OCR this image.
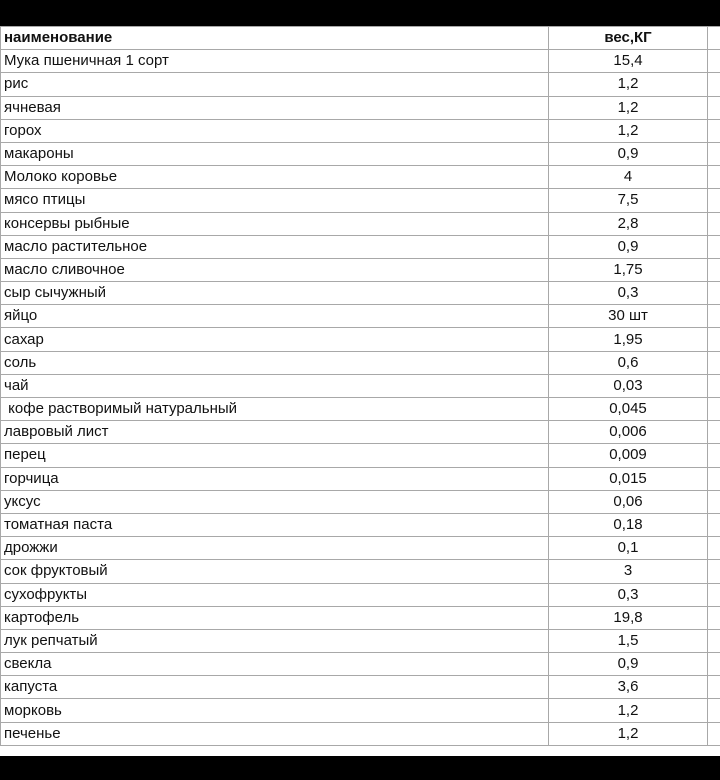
наименование	вес,КГ	
Мука пшеничная 1 сорт	15,4	
рис	1,2	
ячневая	1,2	
горох	1,2	
макароны	0,9	
Молоко коровье	4	
мясо птицы	7,5	
консервы рыбные	2,8	
масло растительное	0,9	
масло сливочное	1,75	
сыр сычужный	0,3	
яйцо	30 шт	
сахар	1,95	
соль	0,6	
чай	0,03	
кофе растворимый натуральный	0,045	
лавровый лист	0,006	
перец	0,009	
горчица	0,015	
уксус	0,06	
томатная паста	0,18	
дрожжи	0,1	
сок фруктовый	3	
сухофрукты	0,3	
картофель	19,8	
лук репчатый	1,5	
свекла	0,9	
капуста	3,6	
морковь	1,2	
печенье	1,2	
